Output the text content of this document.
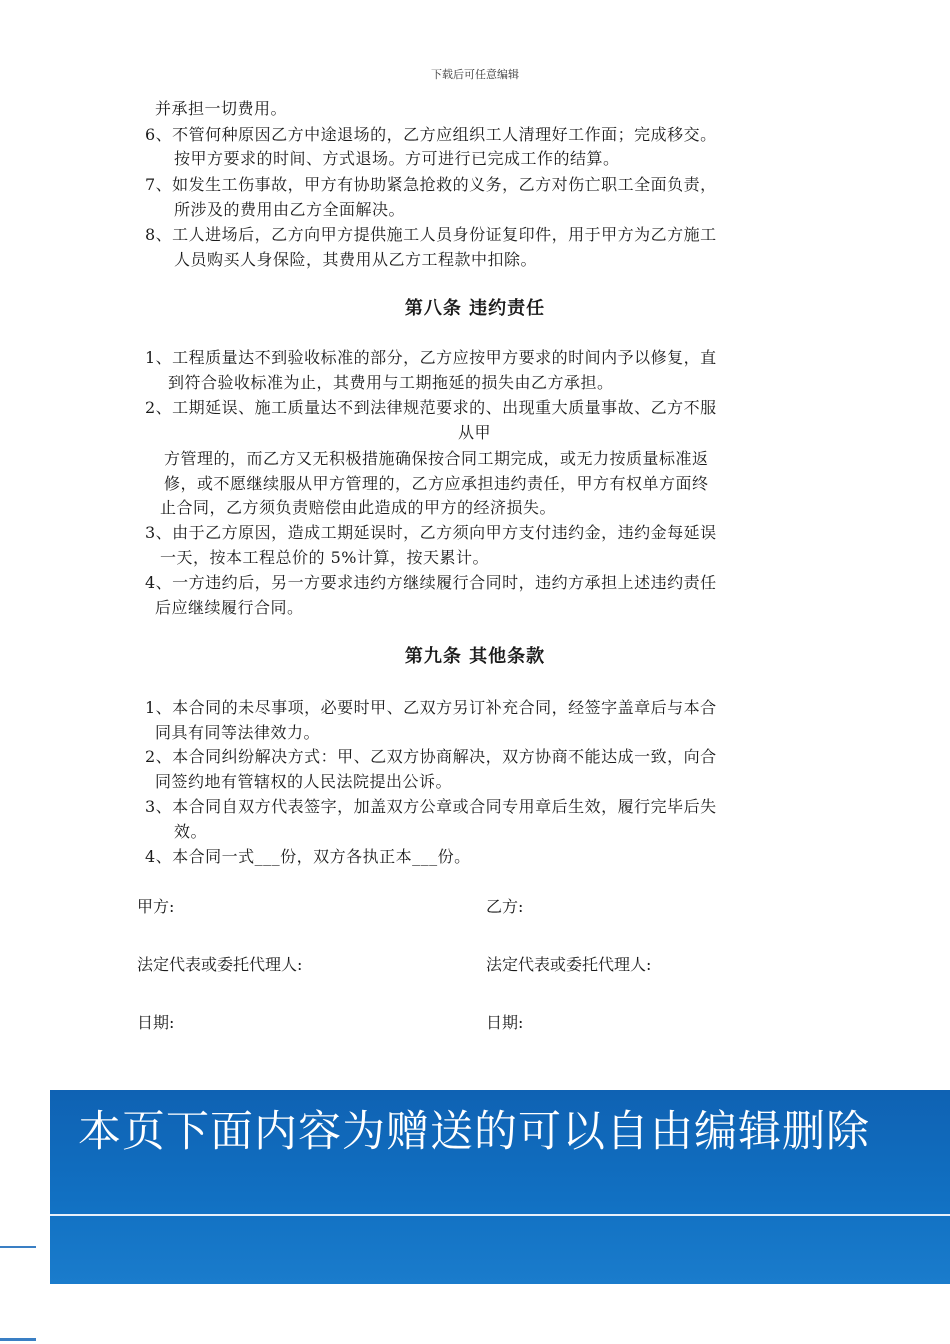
下载后可任意编辑
并承担一切费用。
6、不管何种原因乙方中途退场的，乙方应组织工人清理好工作面；完成移交。
按甲方要求的时间、方式退场。方可进行已完成工作的结算。
7、如发生工伤事故，甲方有协助紧急抢救的义务，乙方对伤亡职工全面负责，
所涉及的费用由乙方全面解决。
8、工人进场后，乙方向甲方提供施工人员身份证复印件，用于甲方为乙方施工
人员购买人身保险，其费用从乙方工程款中扣除。
第八条 违约责任
1、工程质量达不到验收标准的部分，乙方应按甲方要求的时间内予以修复，直
到符合验收标准为止，其费用与工期拖延的损失由乙方承担。
2、工期延误、施工质量达不到法律规范要求的、出现重大质量事故、乙方不服
从甲
方管理的，而乙方又无积极措施确保按合同工期完成，或无力按质量标准返
修，或不愿继续服从甲方管理的，乙方应承担违约责任，甲方有权单方面终
止合同，乙方须负责赔偿由此造成的甲方的经济损失。
3、由于乙方原因，造成工期延误时，乙方须向甲方支付违约金，违约金每延误
一天，按本工程总价的 5%计算，按天累计。
4、一方违约后，另一方要求违约方继续履行合同时，违约方承担上述违约责任
后应继续履行合同。
第九条 其他条款
1、本合同的未尽事项，必要时甲、乙双方另订补充合同，经签字盖章后与本合
同具有同等法律效力。
2、本合同纠纷解决方式：甲、乙双方协商解决，双方协商不能达成一致，向合
同签约地有管辖权的人民法院提出公诉。
3、本合同自双方代表签字，加盖双方公章或合同专用章后生效，履行完毕后失
效。
4、本合同一式___份，双方各执正本___份。
甲方:	乙方:
法定代表或委托代理人:	法定代表或委托代理人:
日期:	日期:
本页下面内容为赠送的可以自由编辑删除
